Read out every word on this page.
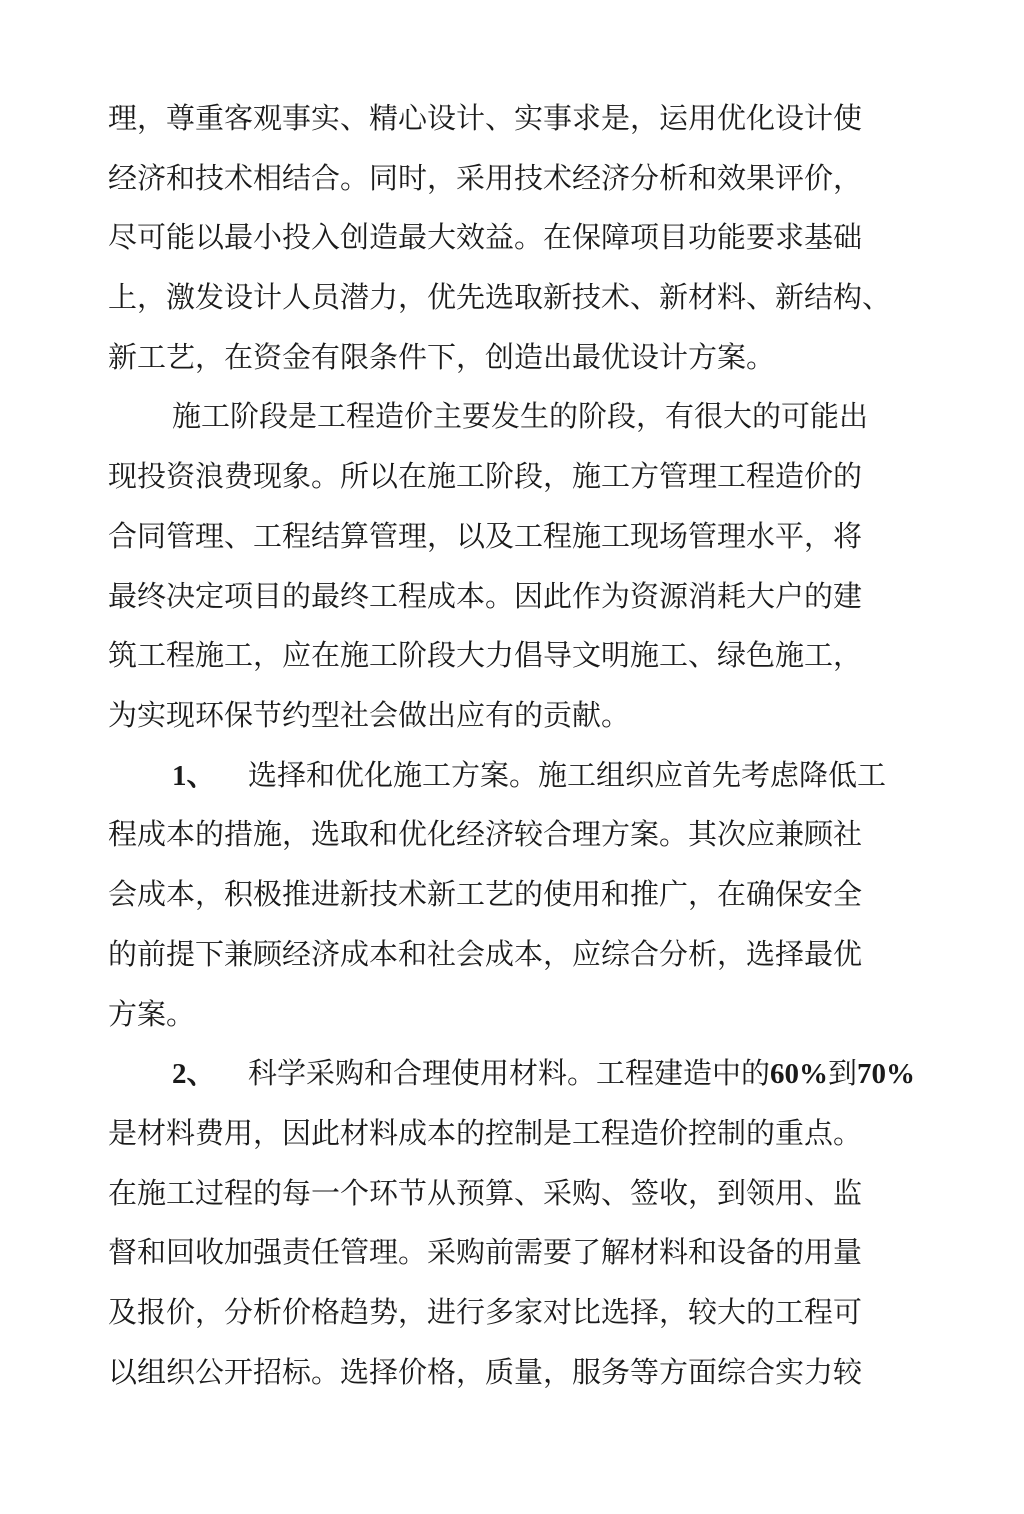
理，尊重客观事实、精心设计、实事求是，运用优化设计使
经济和技术相结合。同时，采用技术经济分析和效果评价，
尽可能以最小投入创造最大效益。在保障项目功能要求基础
上，激发设计人员潜力，优先选取新技术、新材料、新结构、
新工艺，在资金有限条件下，创造出最优设计方案。
施工阶段是工程造价主要发生的阶段，有很大的可能出
现投资浪费现象。所以在施工阶段，施工方管理工程造价的
合同管理、工程结算管理，以及工程施工现场管理水平，将
最终决定项目的最终工程成本。因此作为资源消耗大户的建
筑工程施工，应在施工阶段大力倡导文明施工、绿色施工，
为实现环保节约型社会做出应有的贡献。
1、 选择和优化施工方案。施工组织应首先考虑降低工
程成本的措施，选取和优化经济较合理方案。其次应兼顾社
会成本，积极推进新技术新工艺的使用和推广，在确保安全
的前提下兼顾经济成本和社会成本，应综合分析，选择最优
方案。
2、 科学采购和合理使用材料。工程建造中的60%到70%
是材料费用，因此材料成本的控制是工程造价控制的重点。
在施工过程的每一个环节从预算、采购、签收，到领用、监
督和回收加强责任管理。采购前需要了解材料和设备的用量
及报价，分析价格趋势，进行多家对比选择，较大的工程可
以组织公开招标。选择价格，质量，服务等方面综合实力较
